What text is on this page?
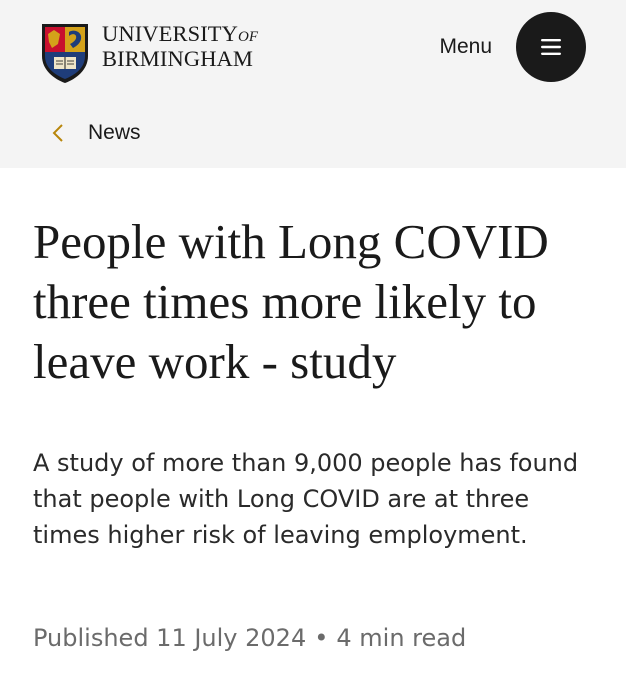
UNIVERSITYOF
BIRMINGHAM	Menu
News
People with Long COVID three times more likely to leave work - study

A study of more than 9,000 people has found that people with Long COVID are at three times higher risk of leaving employment.

Published 11 July 2024 • 4 min read
